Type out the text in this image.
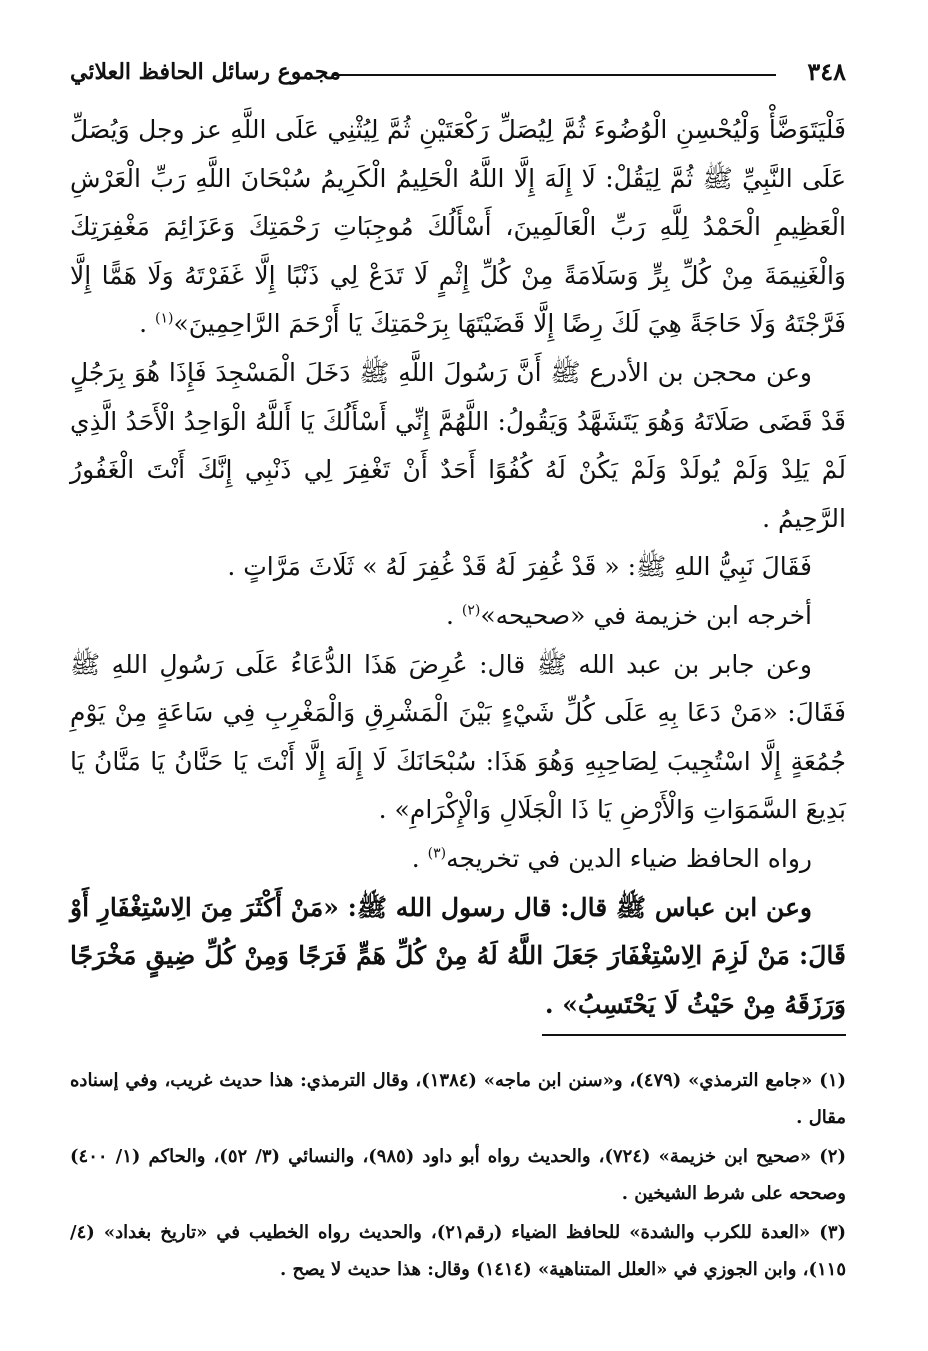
٣٤٨
مجموع رسائل الحافظ العلائي

فَلْيَتَوَضَّأْ وَلْيُحْسِنِ الْوُضُوءَ ثُمَّ لِيُصَلِّ رَكْعَتَيْنِ ثُمَّ لِيُثْنِي عَلَى اللَّهِ عز وجل وَيُصَلِّ عَلَى النَّبِيِّ ﷺ ثُمَّ لِيَقُلْ: لَا إِلَهَ إِلَّا اللَّهُ الْحَلِيمُ الْكَرِيمُ سُبْحَانَ اللَّهِ رَبِّ الْعَرْشِ الْعَظِيمِ الْحَمْدُ لِلَّهِ رَبِّ الْعَالَمِينَ، أَسْأَلُكَ مُوجِبَاتِ رَحْمَتِكَ وَعَزَائِمَ مَغْفِرَتِكَ وَالْغَنِيمَةَ مِنْ كُلِّ بِرٍّ وَسَلَامَةً مِنْ كُلِّ إِثْمٍ لَا تَدَعْ لِي ذَنْبًا إِلَّا غَفَرْتَهُ وَلَا هَمًّا إِلَّا فَرَّجْتَهُ وَلَا حَاجَةً هِيَ لَكَ رِضًا إِلَّا قَضَيْتَهَا بِرَحْمَتِكَ يَا أَرْحَمَ الرَّاحِمِينَ»$^{(١)}$ .

وعن محجن بن الأدرع ﷺ أَنَّ رَسُولَ اللَّهِ ﷺ دَخَلَ الْمَسْجِدَ فَإِذَا هُوَ بِرَجُلٍ قَدْ قَضَى صَلَاتَهُ وَهُوَ يَتَشَهَّدُ وَيَقُولُ: اللَّهُمَّ إِنِّي أَسْأَلُكَ يَا أَللَّهُ الْوَاحِدُ الْأَحَدُ الَّذِي لَمْ يَلِدْ وَلَمْ يُولَدْ وَلَمْ يَكُنْ لَهُ كُفُوًا أَحَدٌ أَنْ تَغْفِرَ لِي ذَنْبِي إِنَّكَ أَنْتَ الْغَفُورُ الرَّحِيمُ .

فَقَالَ نَبِيُّ اللهِ ﷺ: « قَدْ غُفِرَ لَهُ قَدْ غُفِرَ لَهُ » ثَلَاثَ مَرَّاتٍ .

أخرجه ابن خزيمة في «صحيحه»$^{(٢)}$ .

وعن جابر بن عبد الله ﷺ قال: عُرِضَ هَذَا الدُّعَاءُ عَلَى رَسُولِ اللهِ ﷺ فَقَالَ: «مَنْ دَعَا بِهِ عَلَى كُلِّ شَيْءٍ بَيْنَ الْمَشْرِقِ وَالْمَغْرِبِ فِي سَاعَةٍ مِنْ يَوْمِ جُمُعَةٍ إِلَّا اسْتُجِيبَ لِصَاحِبِهِ وَهُوَ هَذَا: سُبْحَانَكَ لَا إِلَهَ إِلَّا أَنْتَ يَا حَنَّانُ يَا مَنَّانُ يَا بَدِيعَ السَّمَوَاتِ وَالْأَرْضِ يَا ذَا الْجَلَالِ وَالْإِكْرَامِ» .

رواه الحافظ ضياء الدين في تخريجه$^{(٣)}$ .

وعن ابن عباس ﷺ قال: قال رسول الله ﷺ: «مَنْ أَكْثَرَ مِنَ الِاسْتِغْفَارِ أَوْ قَالَ: مَنْ لَزِمَ الِاسْتِغْفَارَ جَعَلَ اللَّهُ لَهُ مِنْ كُلِّ هَمٍّ فَرَجًا وَمِنْ كُلِّ ضِيقٍ مَخْرَجًا وَرَزَقَهُ مِنْ حَيْثُ لَا يَحْتَسِبُ» .

(١) «جامع الترمذي» (٤٧٩)، و«سنن ابن ماجه» (١٣٨٤)، وقال الترمذي: هذا حديث غريب، وفي إسناده مقال .

(٢) «صحيح ابن خزيمة» (٧٢٤)، والحديث رواه أبو داود (٩٨٥)، والنسائي (٣/ ٥٢)، والحاكم (١/ ٤٠٠) وصححه على شرط الشيخين .

(٣) «العدة للكرب والشدة» للحافظ الضياء (رقم٢١)، والحديث رواه الخطيب في «تاريخ بغداد» (٤/ ١١٥)، وابن الجوزي في «العلل المتناهية» (١٤١٤) وقال: هذا حديث لا يصح .
